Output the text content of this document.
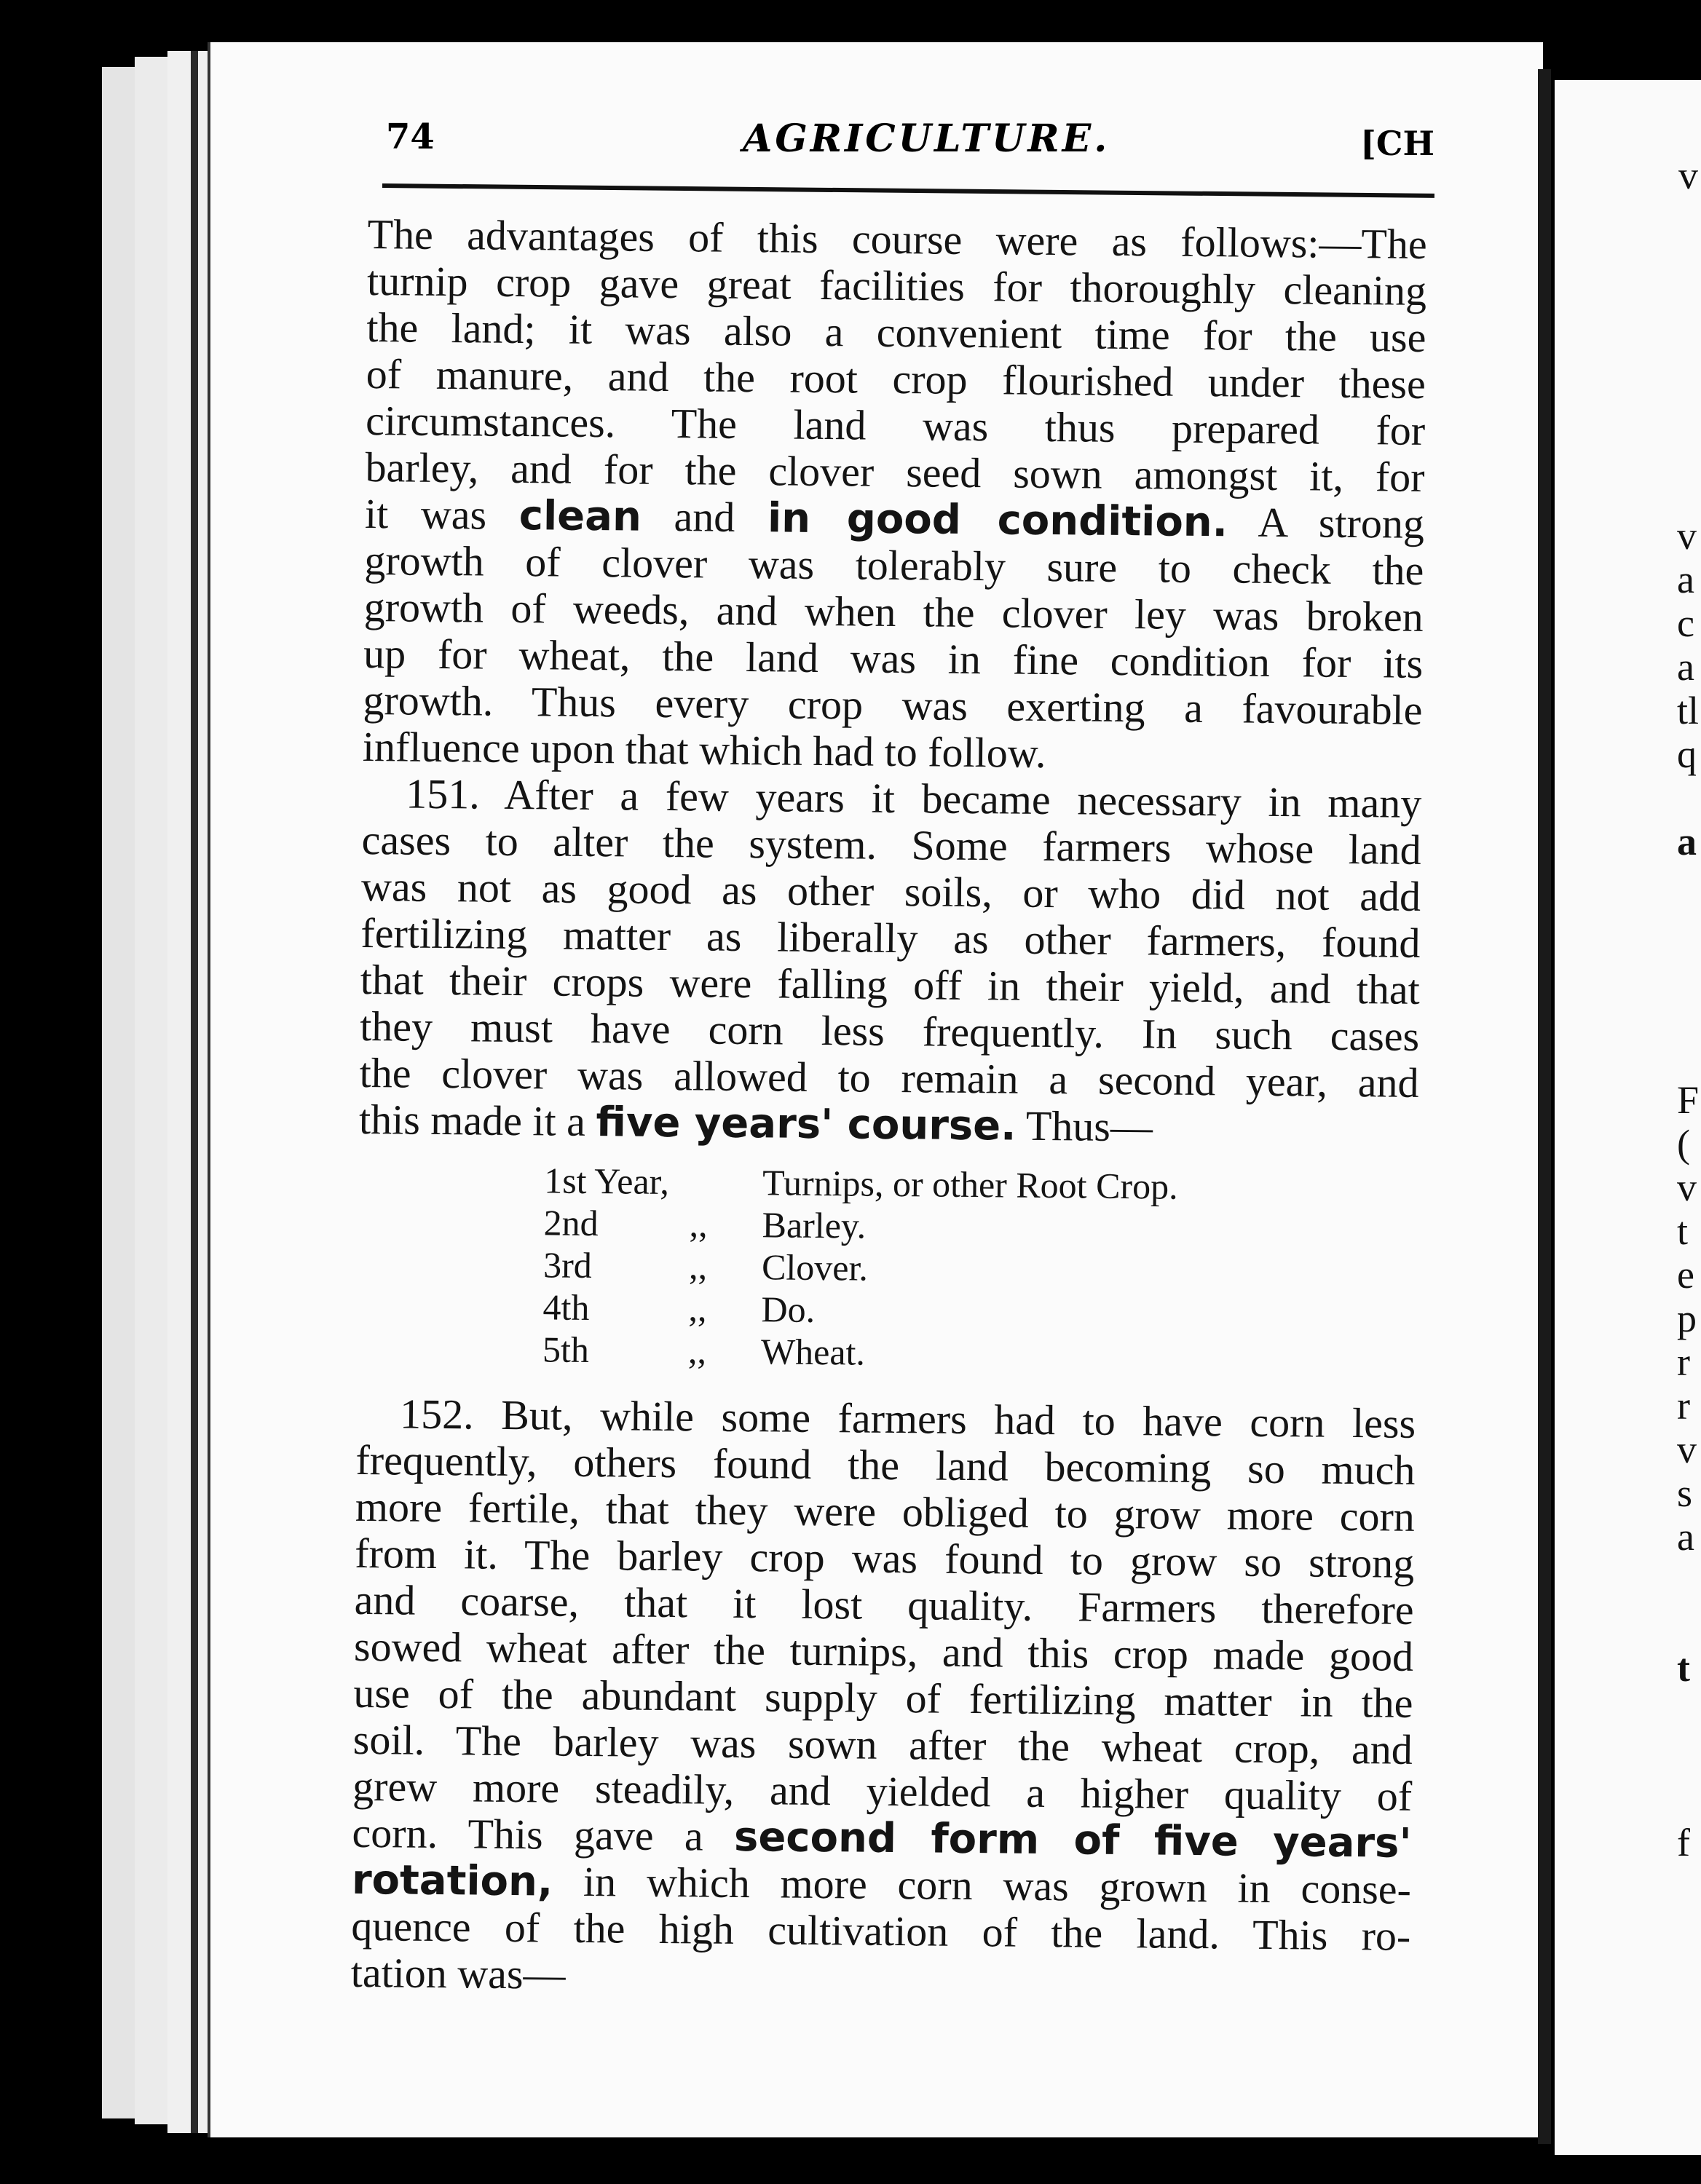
v
v
a
c
a
tl
q
a
F
(
v
t
e
p
r
r
v
s
a
t
f
74	AGRICULTURE.	[CH
The advantages of this course were as follows:—The
turnip crop gave great facilities for thoroughly cleaning
the land; it was also a convenient time for the use
of manure, and the root crop flourished under these
circumstances. The land was thus prepared for
barley, and for the clover seed sown amongst it, for
it was clean and in good condition. A strong
growth of clover was tolerably sure to check the
growth of weeds, and when the clover ley was broken
up for wheat, the land was in fine condition for its
growth. Thus every crop was exerting a favourable
influence upon that which had to follow.
151. After a few years it became necessary in many
cases to alter the system. Some farmers whose land
was not as good as other soils, or who did not add
fertilizing matter as liberally as other farmers, found
that their crops were falling off in their yield, and that
they must have corn less frequently. In such cases
the clover was allowed to remain a second year, and
this made it a five years' course. Thus—
1st Year,	Turnips, or other Root Crop.
2nd ,, Barley.
3rd	,, Clover.
4th	,, Do.
5th	,, Wheat.
152. But, while some farmers had to have corn less
frequently, others found the land becoming so much
more fertile, that they were obliged to grow more corn
from it. The barley crop was found to grow so strong
and coarse, that it lost quality. Farmers therefore
sowed wheat after the turnips, and this crop made good
use of the abundant supply of fertilizing matter in the
soil. The barley was sown after the wheat crop, and
grew more steadily, and yielded a higher quality of
corn. This gave a second form of five years'
rotation, in which more corn was grown in conse-
quence of the high cultivation of the land. This ro-
tation was—
